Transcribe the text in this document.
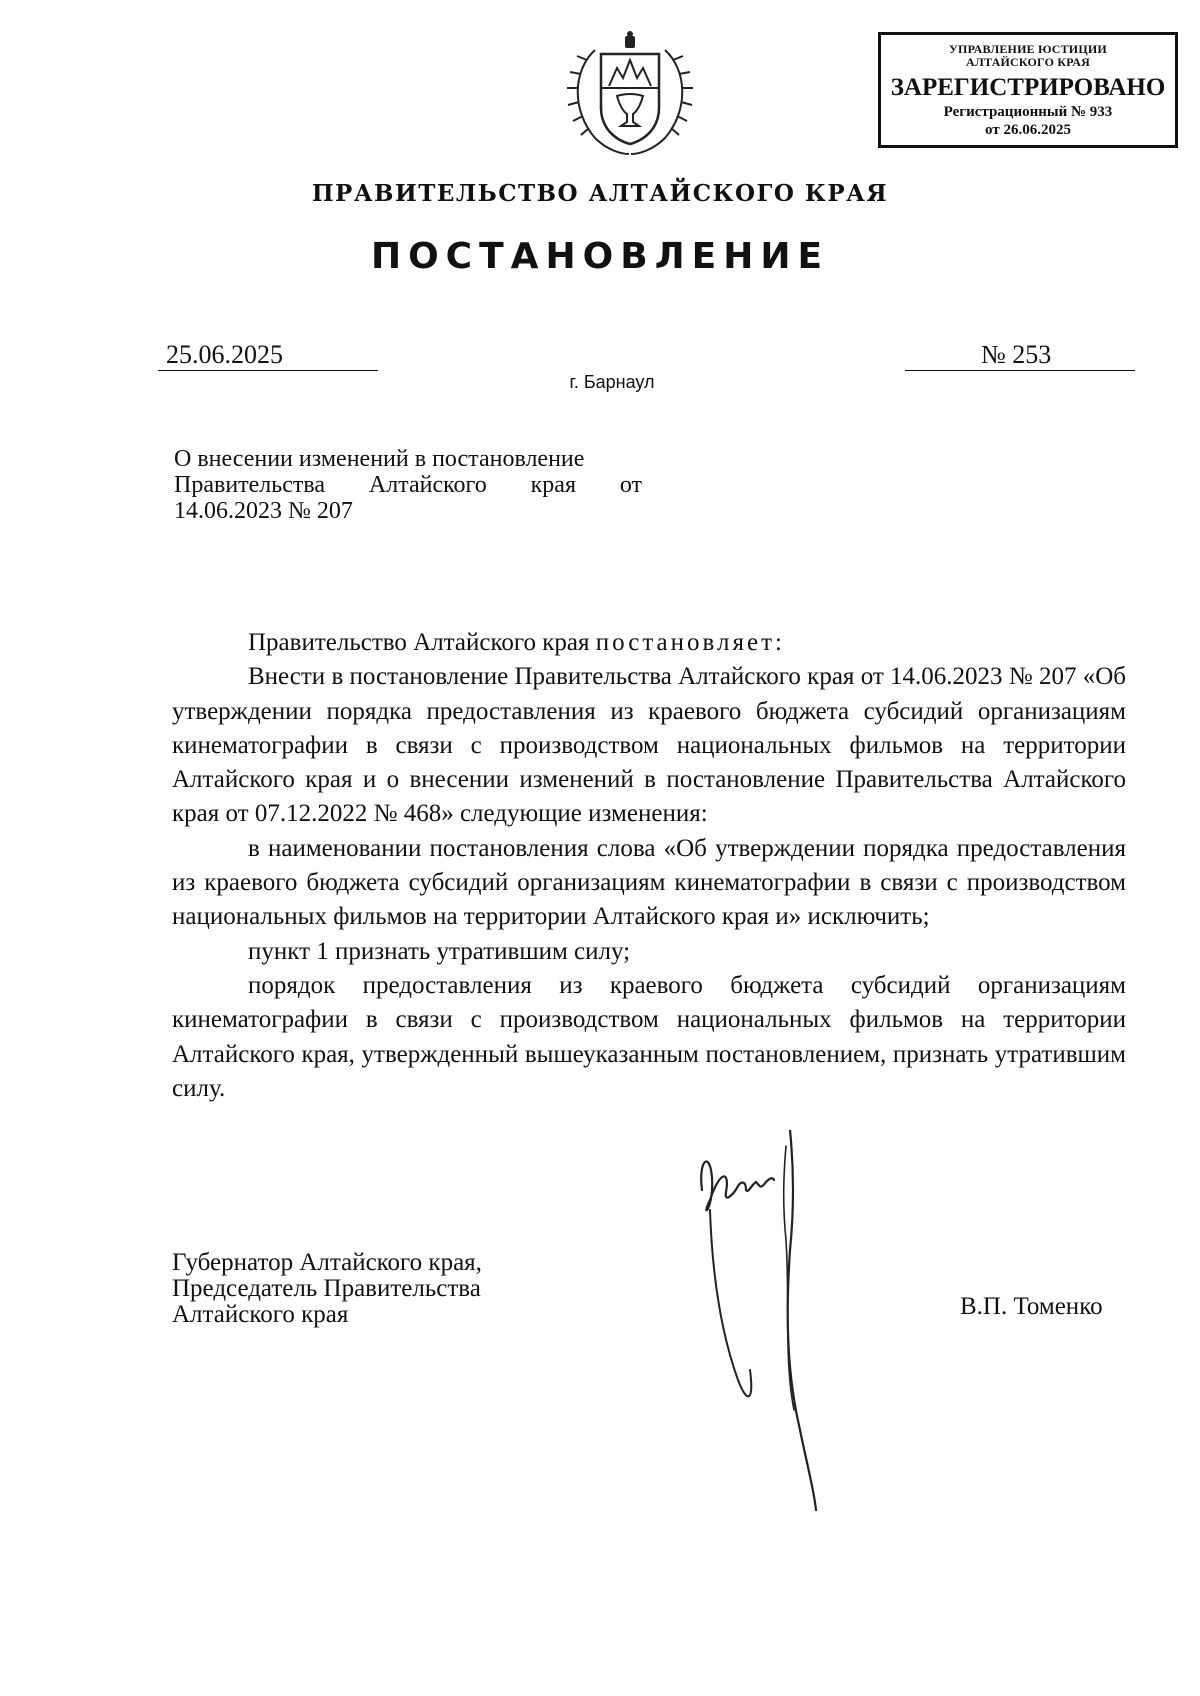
УПРАВЛЕНИЕ ЮСТИЦИИ
АЛТАЙСКОГО КРАЯ
ЗАРЕГИСТРИРОВАНО
Регистрационный № 933
от 26.06.2025
ПРАВИТЕЛЬСТВО АЛТАЙСКОГО КРАЯ
ПОСТАНОВЛЕНИЕ
25.06.2025	№ 253
г. Барнаул
О внесении изменений в постановление
Правительства Алтайского края от
14.06.2023 № 207

Правительство Алтайского края постановляет:

Внести в постановление Правительства Алтайского края от 14.06.2023 № 207 «Об утверждении порядка предоставления из краевого бюджета субсидий организациям кинематографии в связи с производством национальных фильмов на территории Алтайского края и о внесении изменений в постановление Правительства Алтайского края от 07.12.2022 № 468» следующие изменения:

в наименовании постановления слова «Об утверждении порядка предоставления из краевого бюджета субсидий организациям кинематографии в связи с производством национальных фильмов на территории Алтайского края и» исключить;

пункт 1 признать утратившим силу;

порядок предоставления из краевого бюджета субсидий организациям кинематографии в связи с производством национальных фильмов на территории Алтайского края, утвержденный вышеуказанным постановлением, признать утратившим силу.

Губернатор Алтайского края,
Председатель Правительства
Алтайского края	В.П. Томенко
